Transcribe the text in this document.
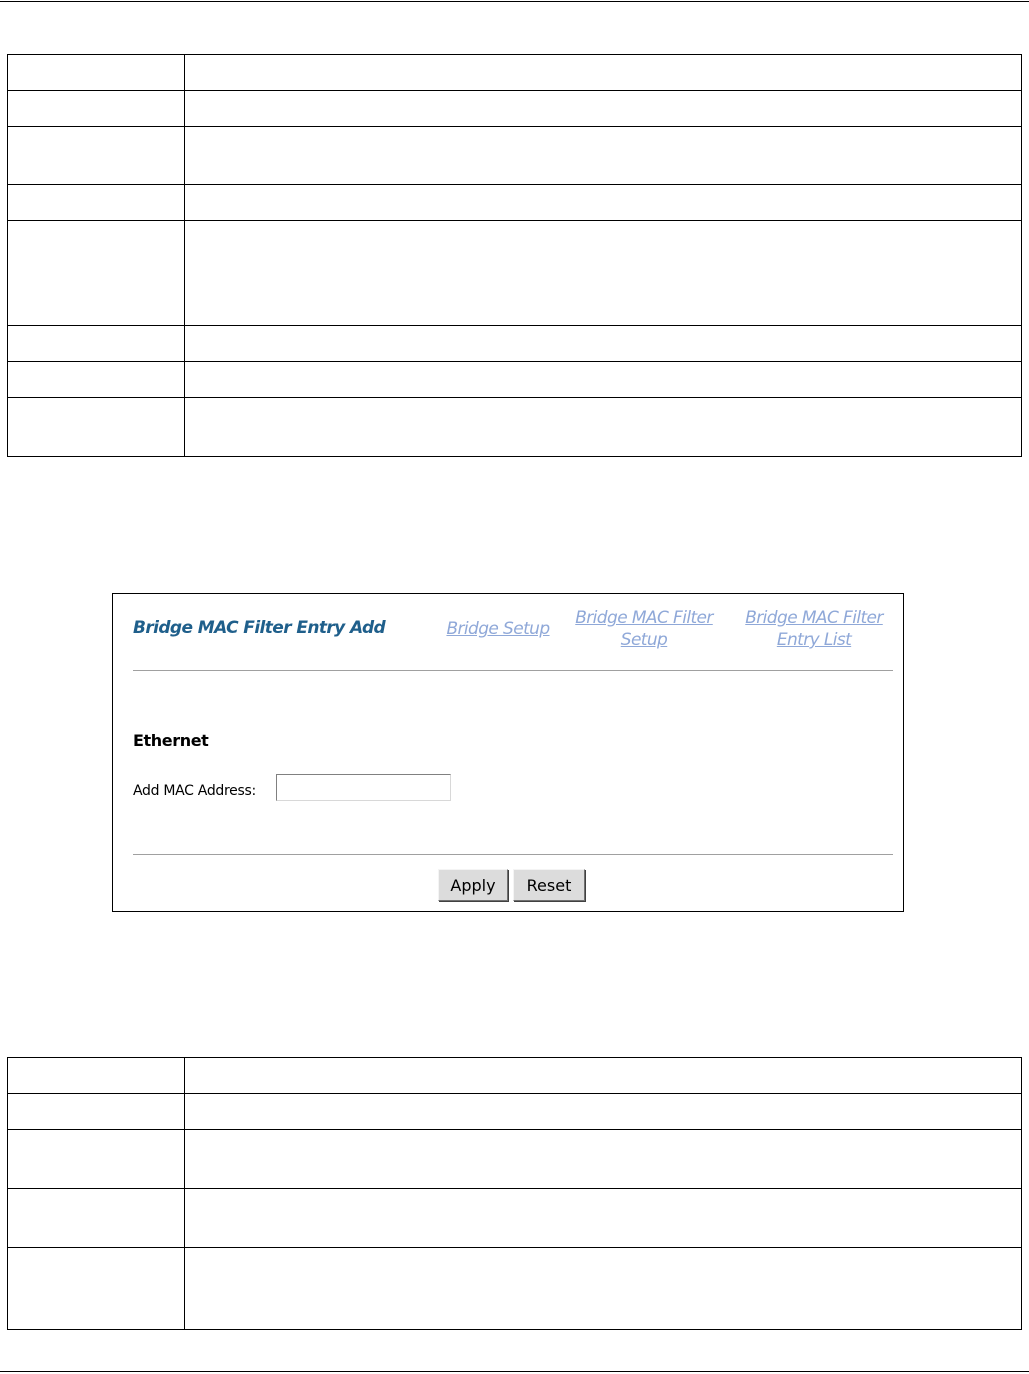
Bridge MAC Filter Entry Add	Bridge Setup
Bridge MAC Filter Setup
Bridge MAC Filter Entry List
Ethernet
Add MAC Address:
Apply	Reset
